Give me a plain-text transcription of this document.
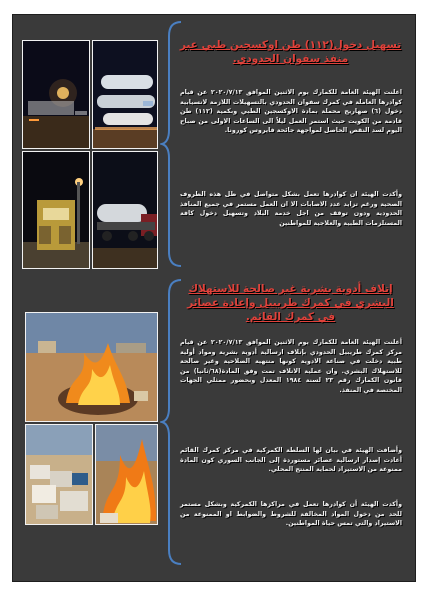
تسهيل دخول(١١٢) طن اوكسجين طبي عبر منفذ سفوان الحدودي.
اعلنت الهيئة العامة للكمارك يوم الاثنين الموافق ٢٠٢٠/٧/١٣ عن قيام كوادرها العاملة في كمرك سفوان الحدودي بالتسهيلات اللازمة لانسيابية دخول (٦) صهاريج محملة بمادة الاوكسجين الطبي وبكمية (١١٢) طن قادمة من الكويت حيث استمر العمل ليلاً الى الساعات الاولى من صباح اليوم لسد النقص الحاصل لمواجهة جائحة فايروس كورونا.
وأكدت الهيئة ان كوادرها تعمل بشكل متواصل في ظل هذه الظروف الصحية ورغم تزايد عدد الاصابات الا ان العمل مستمر في جميع المنافذ الحدودية ودون توقف من اجل خدمة البلاد وتسهيل دخول كافة المستلزمات الطبية والعلاجية للمواطنين
إتلاف أدوية بشرية غير صالحة للاستهلاك البشري في كمرك طريبيل وإعادة عصائر في كمرك القائم.
أعلنت الهيئة العامة للكمارك يوم الاثنين الموافق ٢٠٢٠/٧/١٣ عن قيام مركز كمرك طريبيل الحدودي بإتلاف ارسالية أدوية بشرية ومواد أولية طبية دخلت في صناعة الادوية كونها منتهية الصلاحية وغير صالحة للاستهلاك البشري. وان عملية الاتلاف تمت وفق المادة(٦٨/ثانيا) من قانون الكمارك رقم ٢٣ لسنة ١٩٨٤ المعدل وبحضور ممثلي الجهات المختصة في المنفذ.
وأضافت الهيئة في بيان لها السلطة الكمركية في مركز كمرك القائم أعادت إصدار ارسالية عصائر مستوردة إلى الجانب السوري كون المادة ممنوعة من الاستيراد لحماية المنتج المحلي.
وأكدت الهيئة أن كوادرها تعمل في مراكزها الكمركية وبشكل مستمر للحد من دخول المواد المخالفة للشروط والضوابط او الممنوعة من الاستيراد والتي تمس حياة المواطنين.
